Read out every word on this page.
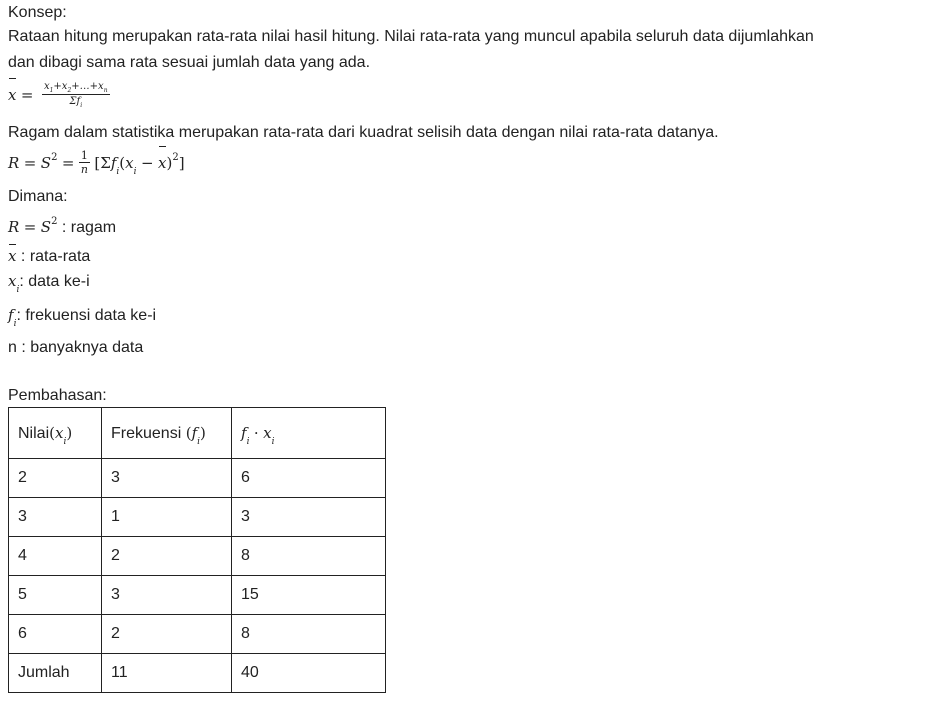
Konsep:
Rataan hitung merupakan rata-rata nilai hasil hitung. Nilai rata-rata yang muncul apabila seluruh data dijumlahkan
dan dibagi sama rata sesuai jumlah data yang ada.
$x = \frac{x_1+x_2+\dots+x_n}{\Sigma f_i}$
Ragam dalam statistika merupakan rata-rata dari kuadrat selisih data dengan nilai rata-rata datanya.
$R = S^2 = \frac{1}{n} [\Sigma f_i(x_i - x)^2]$
Dimana:
$R = S^2$ : ragam
x : rata-rata
$x_i$: data ke-i
$f_i$: frekuensi data ke-i
n : banyaknya data
Pembahasan:
$Nilai(x_i)$	Frekuensi $(f_i)$	$f_i \cdot x_i$
2	3	6
3	1	3
4	2	8
5	3	15
6	2	8
Jumlah	11	40
